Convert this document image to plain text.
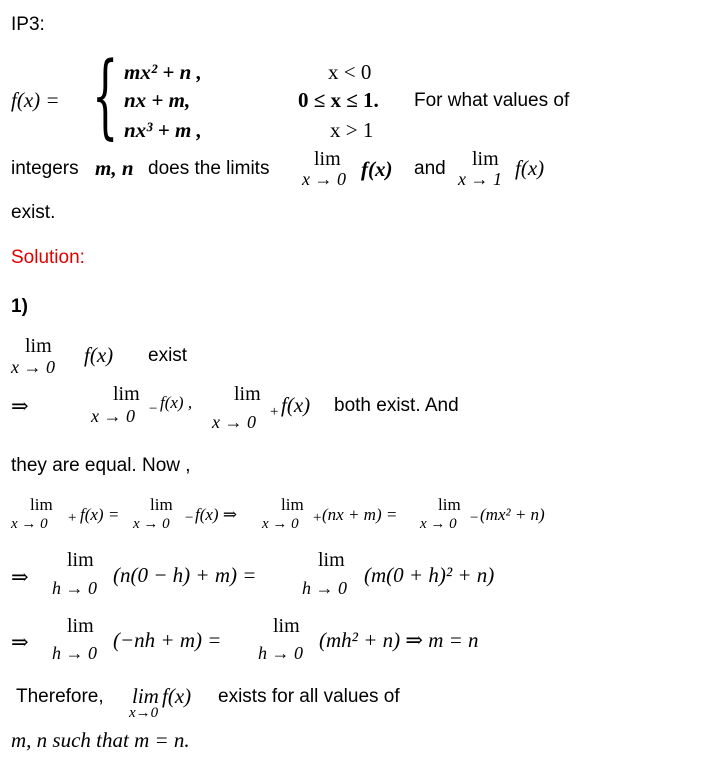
IP3:
f(x) = { mx² + n ,	x < 0
nx + m,	0 ≤ x ≤ 1. For what values of
nx³ + m ,	x > 1
integers m, n does the limits lim
x → 0 f(x) and lim
x → 1 f(x)
exist.
Solution:
1)
lim
x → 0 f(x) exist
⇒	lim
x → 0 − f(x) , lim
x → 0 + f(x) both exist. And
they are equal. Now ,
lim
x → 0 + f(x) =
lim
x → 0 − f(x) ⇒
lim
x → 0 + (nx + m) =
lim
x → 0 − (mx² + n)
⇒
lim
h → 0
(n(0 − h) + m) =
lim
h → 0
(m(0 + h)² + n)
⇒
lim
h → 0
(−nh + m) =
lim
h → 0
(mh² + n) ⇒ m = n
Therefore, lim
x→0
f(x) exists for all values of
m, n such that m = n.
